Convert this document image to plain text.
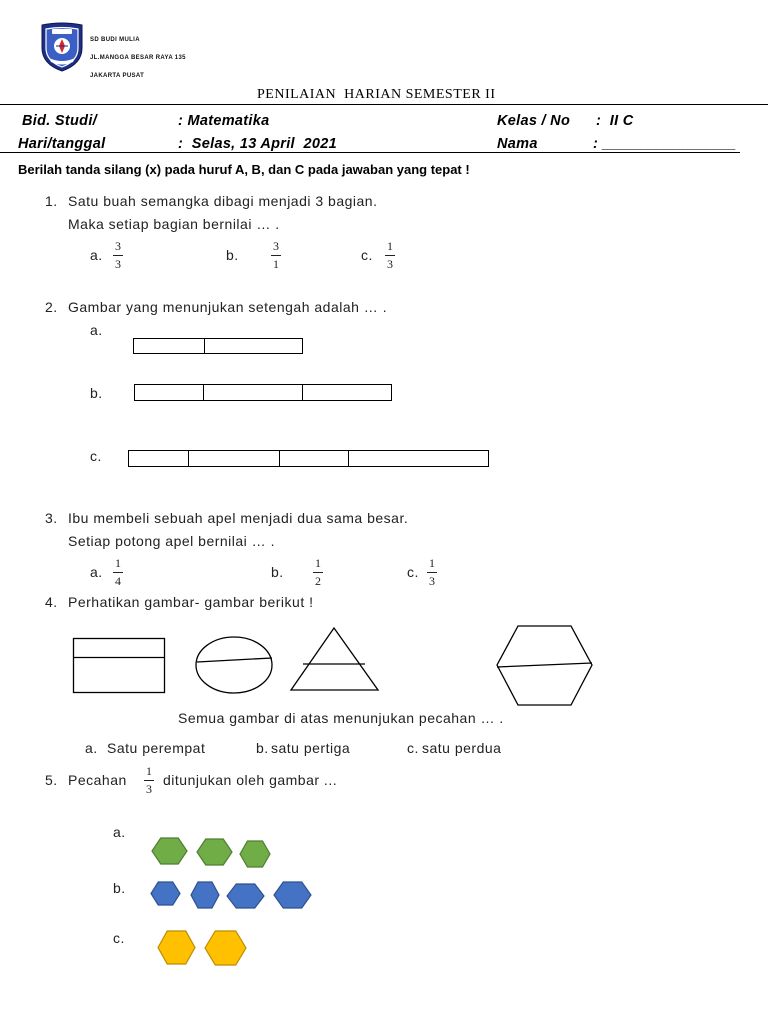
SD BUDI MULIA
JL.MANGGA BESAR RAYA 135
JAKARTA PUSAT
PENILAIAN  HARIAN SEMESTER II
Bid. Studi/	: Matematika	Kelas / No :  II C
Hari/tanggal	:  Selas, 13 April  2021	Nama	: ________________
Berilah tanda silang (x) pada huruf A, B, dan C pada jawaban yang tepat !
1. Satu buah semangka dibagi menjadi 3 bagian.
Maka setiap bagian bernilai … .
a.
3
3
b.
3
1
c.
1
3
2. Gambar yang menunjukan setengah adalah … .
a.
b.
c.
3. Ibu membeli sebuah apel menjadi dua sama besar.
Setiap potong apel bernilai … .
a.
1
4
b.
1
2
c.
1
3
4. Perhatikan gambar- gambar berikut !
Semua gambar di atas menunjukan pecahan … .
a. Satu perempat	b. satu pertiga	c. satu perdua
5. Pecahan
1
3
ditunjukan oleh gambar ...
a.
b.
c.
